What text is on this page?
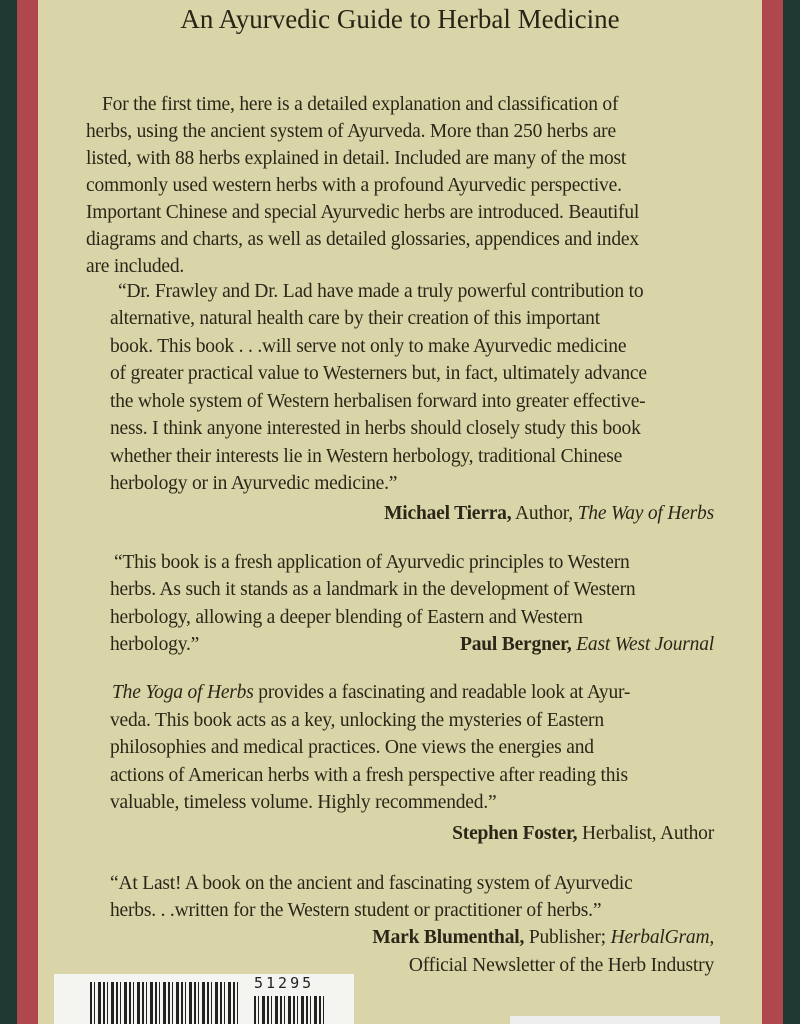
An Ayurvedic Guide to Herbal Medicine
For the first time, here is a detailed explanation and classification of
herbs, using the ancient system of Ayurveda. More than 250 herbs are
listed, with 88 herbs explained in detail. Included are many of the most
commonly used western herbs with a profound Ayurvedic perspective.
Important Chinese and special Ayurvedic herbs are introduced. Beautiful
diagrams and charts, as well as detailed glossaries, appendices and index
are included.
“Dr. Frawley and Dr. Lad have made a truly powerful contribution to
alternative, natural health care by their creation of this important
book. This book . . .will serve not only to make Ayurvedic medicine
of greater practical value to Westerners but, in fact, ultimately advance
the whole system of Western herbalisen forward into greater effective-
ness. I think anyone interested in herbs should closely study this book
whether their interests lie in Western herbology, traditional Chinese
herbology or in Ayurvedic medicine.”
Michael Tierra, Author, The Way of Herbs
“This book is a fresh application of Ayurvedic principles to Western
herbs. As such it stands as a landmark in the development of Western
herbology, allowing a deeper blending of Eastern and Western
herbology.”	Paul Bergner, East West Journal
The Yoga of Herbs provides a fascinating and readable look at Ayur-
veda. This book acts as a key, unlocking the mysteries of Eastern
philosophies and medical practices. One views the energies and
actions of American herbs with a fresh perspective after reading this
valuable, timeless volume. Highly recommended.”
Stephen Foster, Herbalist, Author
“At Last! A book on the ancient and fascinating system of Ayurvedic
herbs. . .written for the Western student or practitioner of herbs.”
Mark Blumenthal, Publisher; HerbalGram,
Official Newsletter of the Herb Industry
51295
